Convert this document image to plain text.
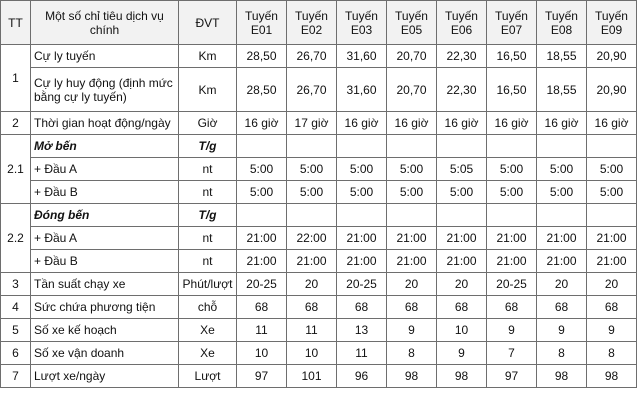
TT	Một số chỉ tiêu dịch vụ chính	ĐVT	Tuyến E01	Tuyến E02	Tuyến E03	Tuyến E05	Tuyến E06	Tuyến E07	Tuyến E08	Tuyến E09
1	Cự ly tuyến	Km	28,50	26,70	31,60	20,70	22,30	16,50	18,55	20,90
	Cự ly huy động (định mức bằng cự ly tuyến)	Km	28,50	26,70	31,60	20,70	22,30	16,50	18,55	20,90
2	Thời gian hoạt động/ngày	Giờ	16 giờ	17 giờ	16 giờ	16 giờ	16 giờ	16 giờ	16 giờ	16 giờ
2.1	Mở bến	T/g								
	+ Đầu A	nt	5:00	5:00	5:00	5:00	5:05	5:00	5:00	5:00
	+ Đầu B	nt	5:00	5:00	5:00	5:00	5:00	5:00	5:00	5:00
2.2	Đóng bến	T/g								
	+ Đầu A	nt	21:00	22:00	21:00	21:00	21:00	21:00	21:00	21:00
	+ Đầu B	nt	21:00	21:00	21:00	21:00	21:00	21:00	21:00	21:00
3	Tần suất chạy xe	Phút/lượt	20-25	20	20-25	20	20	20-25	20	20
4	Sức chứa phương tiện	chỗ	68	68	68	68	68	68	68	68
5	Số xe kế hoạch	Xe	11	11	13	9	10	9	9	9
6	Số xe vận doanh	Xe	10	10	11	8	9	7	8	8
7	Lượt xe/ngày	Lượt	97	101	96	98	98	97	98	98
